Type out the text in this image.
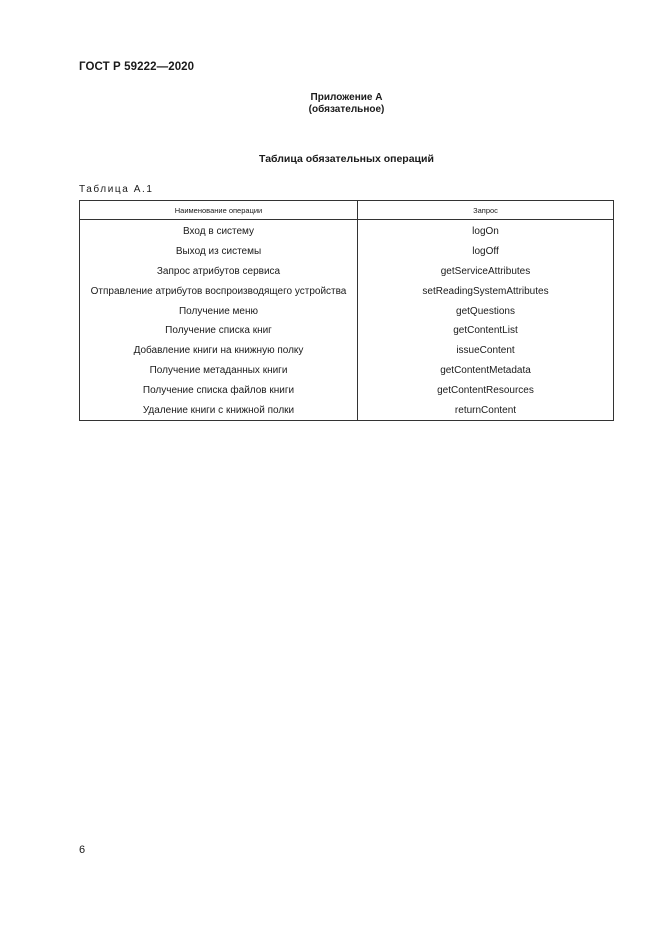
ГОСТ Р 59222—2020
Приложение А
(обязательное)
Таблица обязательных операций
Таблица А.1
Наименование операции	Запрос
Вход в систему	logOn
Выход из системы	logOff
Запрос атрибутов сервиса	getServiceAttributes
Отправление атрибутов воспроизводящего устройства	setReadingSystemAttributes
Получение меню	getQuestions
Получение списка книг	getContentList
Добавление книги на книжную полку	issueContent
Получение метаданных книги	getContentMetadata
Получение списка файлов книги	getContentResources
Удаление книги с книжной полки	returnContent
6
